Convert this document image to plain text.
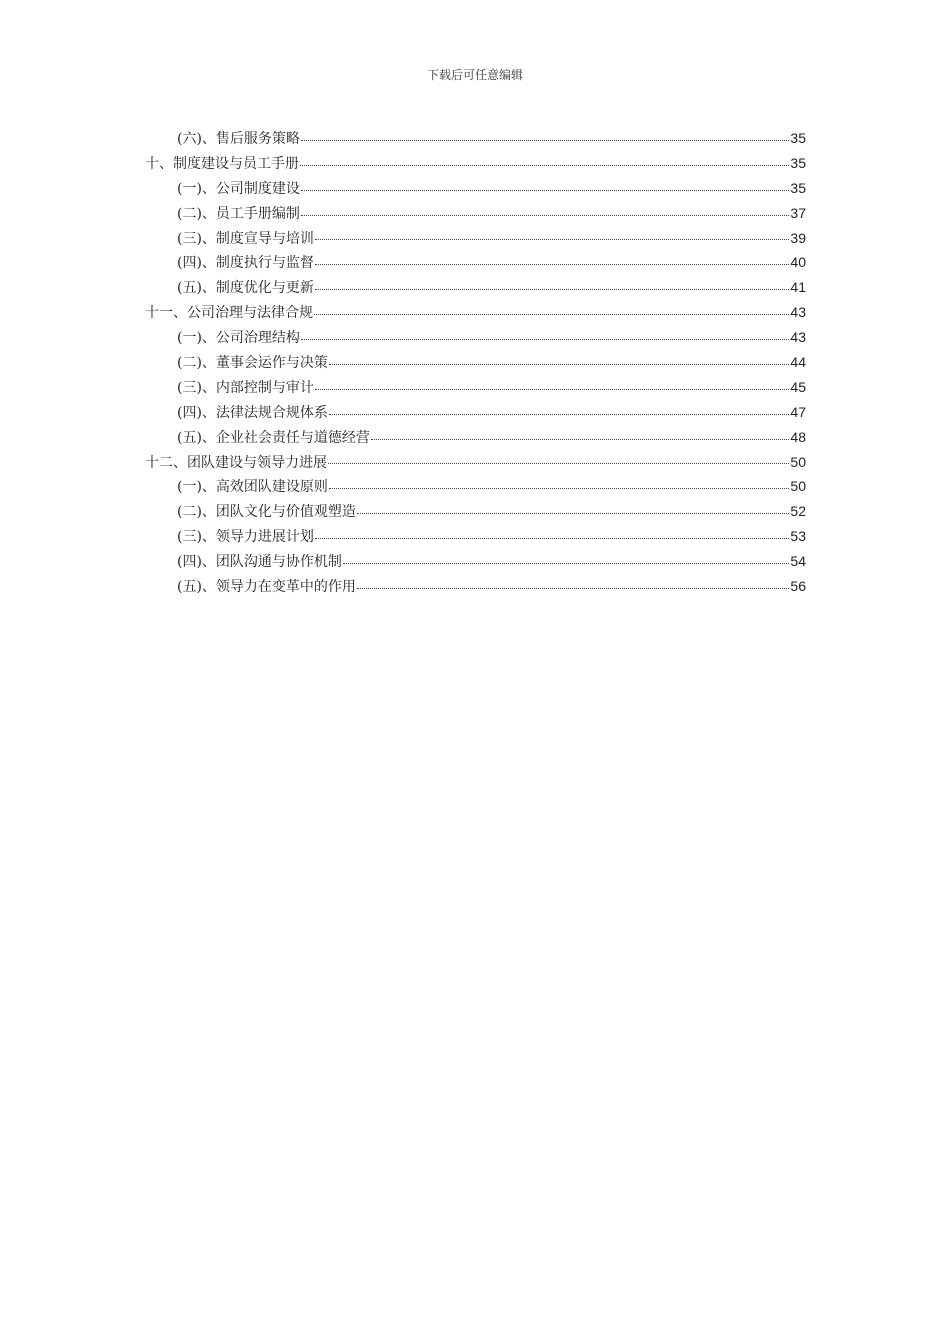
下载后可任意编辑
(六)、售后服务策略	35
十、制度建设与员工手册	35
(一)、公司制度建设	35
(二)、员工手册编制	37
(三)、制度宣导与培训	39
(四)、制度执行与监督	40
(五)、制度优化与更新	41
十一、公司治理与法律合规	43
(一)、公司治理结构	43
(二)、董事会运作与决策	44
(三)、内部控制与审计	45
(四)、法律法规合规体系	47
(五)、企业社会责任与道德经营	48
十二、团队建设与领导力进展	50
(一)、高效团队建设原则	50
(二)、团队文化与价值观塑造	52
(三)、领导力进展计划	53
(四)、团队沟通与协作机制	54
(五)、领导力在变革中的作用	56
